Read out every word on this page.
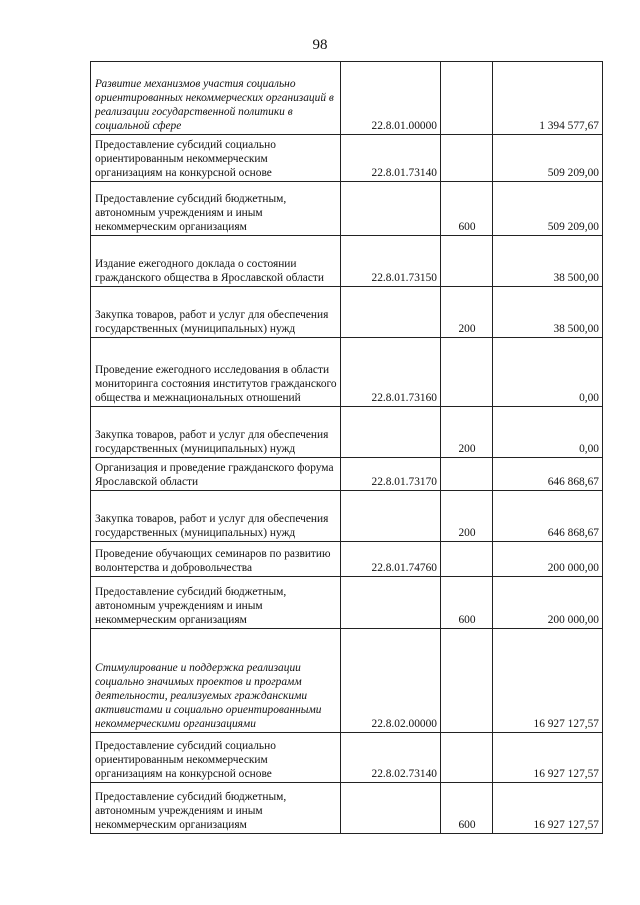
98
Развитие механизмов участия социально ориентированных некоммерческих организаций в реализации государственной политики в социальной сфере	22.8.01.00000		1 394 577,67
Предоставление субсидий социально ориентированным некоммерческим организациям на конкурсной основе	22.8.01.73140		509 209,00
Предоставление субсидий бюджетным, автономным учреждениям и иным некоммерческим организациям		600	509 209,00
Издание ежегодного доклада о состоянии гражданского общества в Ярославской области	22.8.01.73150		38 500,00
Закупка товаров, работ и услуг для обеспечения государственных (муниципальных) нужд		200	38 500,00
Проведение ежегодного исследования в области мониторинга состояния институтов гражданского общества и межнациональных отношений	22.8.01.73160		0,00
Закупка товаров, работ и услуг для обеспечения государственных (муниципальных) нужд		200	0,00
Организация и проведение гражданского форума Ярославской области	22.8.01.73170		646 868,67
Закупка товаров, работ и услуг для обеспечения государственных (муниципальных) нужд		200	646 868,67
Проведение обучающих семинаров по развитию волонтерства и добровольчества	22.8.01.74760		200 000,00
Предоставление субсидий бюджетным, автономным учреждениям и иным некоммерческим организациям		600	200 000,00
Стимулирование и поддержка реализации социально значимых проектов и программ деятельности, реализуемых гражданскими активистами и социально ориентированными некоммерческими организациями	22.8.02.00000		16 927 127,57
Предоставление субсидий социально ориентированным некоммерческим организациям на конкурсной основе	22.8.02.73140		16 927 127,57
Предоставление субсидий бюджетным, автономным учреждениям и иным некоммерческим организациям		600	16 927 127,57
